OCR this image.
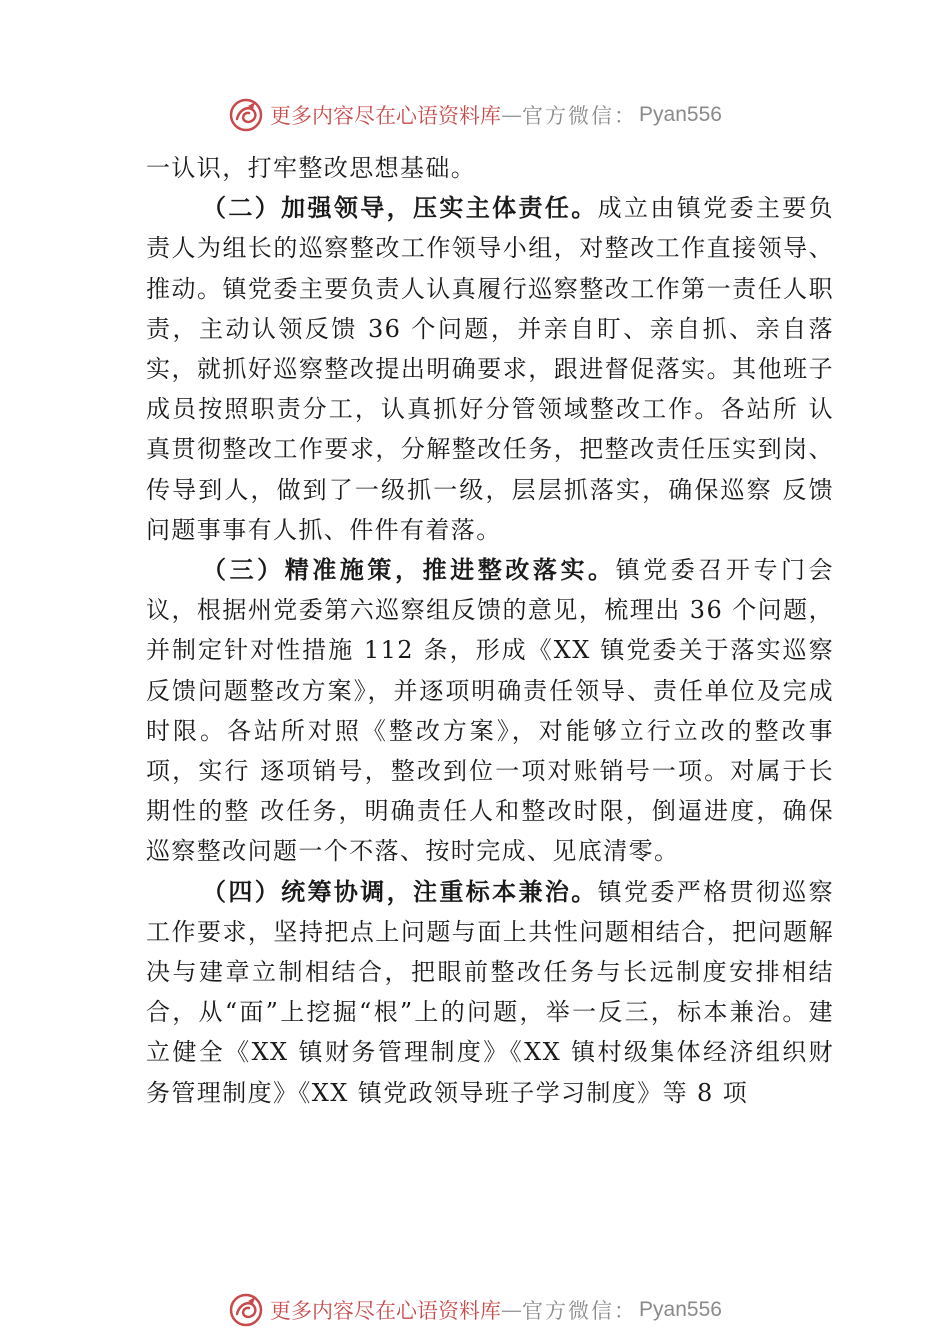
更多内容尽在心语资料库 — 官方微信： Pyan556

一认识，打牢整改思想基础。

（二）加强领导，压实主体责任。成立由镇党委主要负责人为组长的巡察整改工作领导小组，对整改工作直接领导、推动。镇党委主要负责人认真履行巡察整改工作第一责任人职责，主动认领反馈 36 个问题，并亲自盯、亲自抓、亲自落实，就抓好巡察整改提出明确要求，跟进督促落实。其他班子成员按照职责分工，认真抓好分管领域整改工作。各站所 认真贯彻整改工作要求，分解整改任务，把整改责任压实到岗、传导到人，做到了一级抓一级，层层抓落实，确保巡察 反馈问题事事有人抓、件件有着落。

（三）精准施策，推进整改落实。镇党委召开专门会议，根据州党委第六巡察组反馈的意见，梳理出 36 个问题，并制定针对性措施 112 条，形成《XX 镇党委关于落实巡察反馈问题整改方案》，并逐项明确责任领导、责任单位及完成时限。各站所对照《整改方案》，对能够立行立改的整改事项，实行 逐项销号，整改到位一项对账销号一项。对属于长期性的整 改任务，明确责任人和整改时限，倒逼进度，确保巡察整改问题一个不落、按时完成、见底清零。

（四）统筹协调，注重标本兼治。镇党委严格贯彻巡察工作要求，坚持把点上问题与面上共性问题相结合，把问题解决与建章立制相结合，把眼前整改任务与长远制度安排相结合，从“面”上挖掘“根”上的问题，举一反三，标本兼治。建立健全《XX 镇财务管理制度》《XX 镇村级集体经济组织财务管理制度》《XX 镇党政领导班子学习制度》等 8 项

更多内容尽在心语资料库 — 官方微信： Pyan556
